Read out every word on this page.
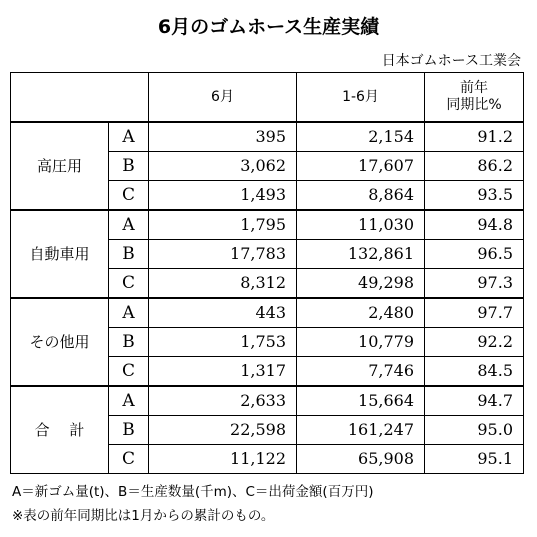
6月のゴムホース生産実績
日本ゴムホース工業会
		6月	1-6月	前年
同期比%

高圧用	A	395	2,154	91.2
	B	3,062	17,607	86.2
	C	1,493	8,864	93.5
自動車用	A	1,795	11,030	94.8
	B	17,783	132,861	96.5
	C	8,312	49,298	97.3
その他用	A	443	2,480	97.7
	B	1,753	10,779	92.2
	C	1,317	7,746	84.5
合　 計	A	2,633	15,664	94.7
	B	22,598	161,247	95.0
	C	11,122	65,908	95.1
A＝新ゴム量(t)、B＝生産数量(千m)、C＝出荷金額(百万円)
※表の前年同期比は1月からの累計のもの。
